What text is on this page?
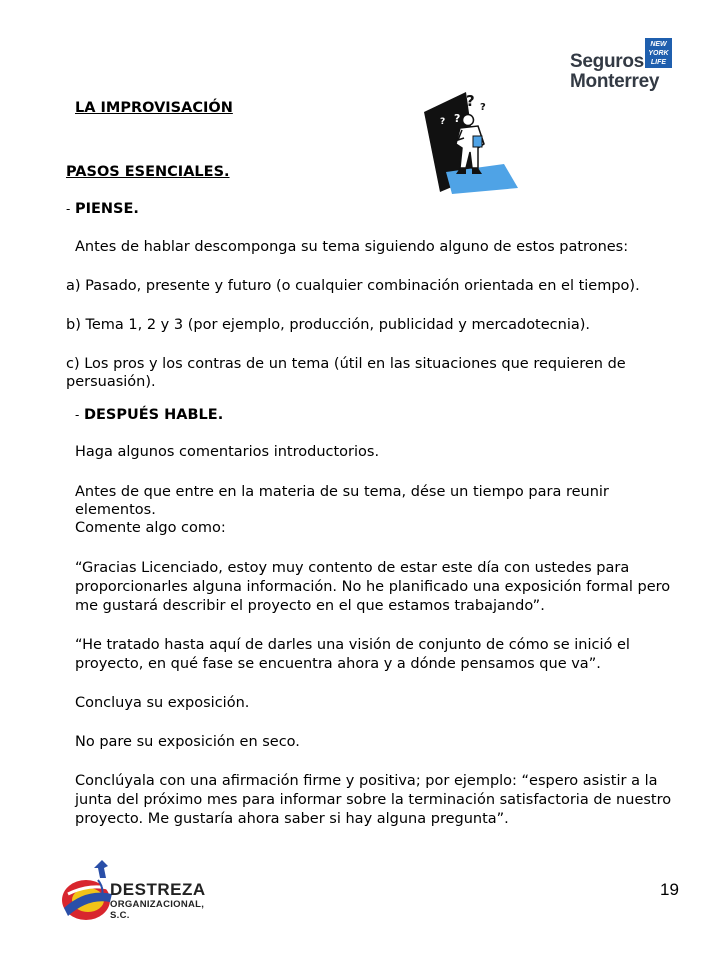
Seguros
Monterrey
NEW
YORK
LIFE
? ?
?
?
LA IMPROVISACIÓN
PASOS ESENCIALES.
- PIENSE.
Antes de hablar descomponga su tema siguiendo alguno de estos patrones:
a) Pasado, presente y futuro (o cualquier combinación orientada en el tiempo).
b) Tema 1, 2 y 3 (por ejemplo, producción, publicidad y mercadotecnia).
c) Los pros y los contras de un tema (útil en las situaciones que requieren de
persuasión).
- DESPUÉS HABLE.
Haga algunos comentarios introductorios.
Antes de que entre en la materia de su tema, dése un tiempo para reunir
elementos.
Comente algo como:
“Gracias Licenciado, estoy muy contento de estar este día con ustedes para
proporcionarles alguna información. No he planificado una exposición formal pero
me gustará describir el proyecto en el que estamos trabajando”.
“He tratado hasta aquí de darles una visión de conjunto de cómo se inició el
proyecto, en qué fase se encuentra ahora y a dónde pensamos que va”.
Concluya su exposición.
No pare su exposición en seco.
Conclúyala con una afirmación firme y positiva; por ejemplo: “espero asistir a la
junta del próximo mes para informar sobre la terminación satisfactoria de nuestro
proyecto. Me gustaría ahora saber si hay alguna pregunta”.
DESTREZA
ORGANIZACIONAL, S.C.
19
